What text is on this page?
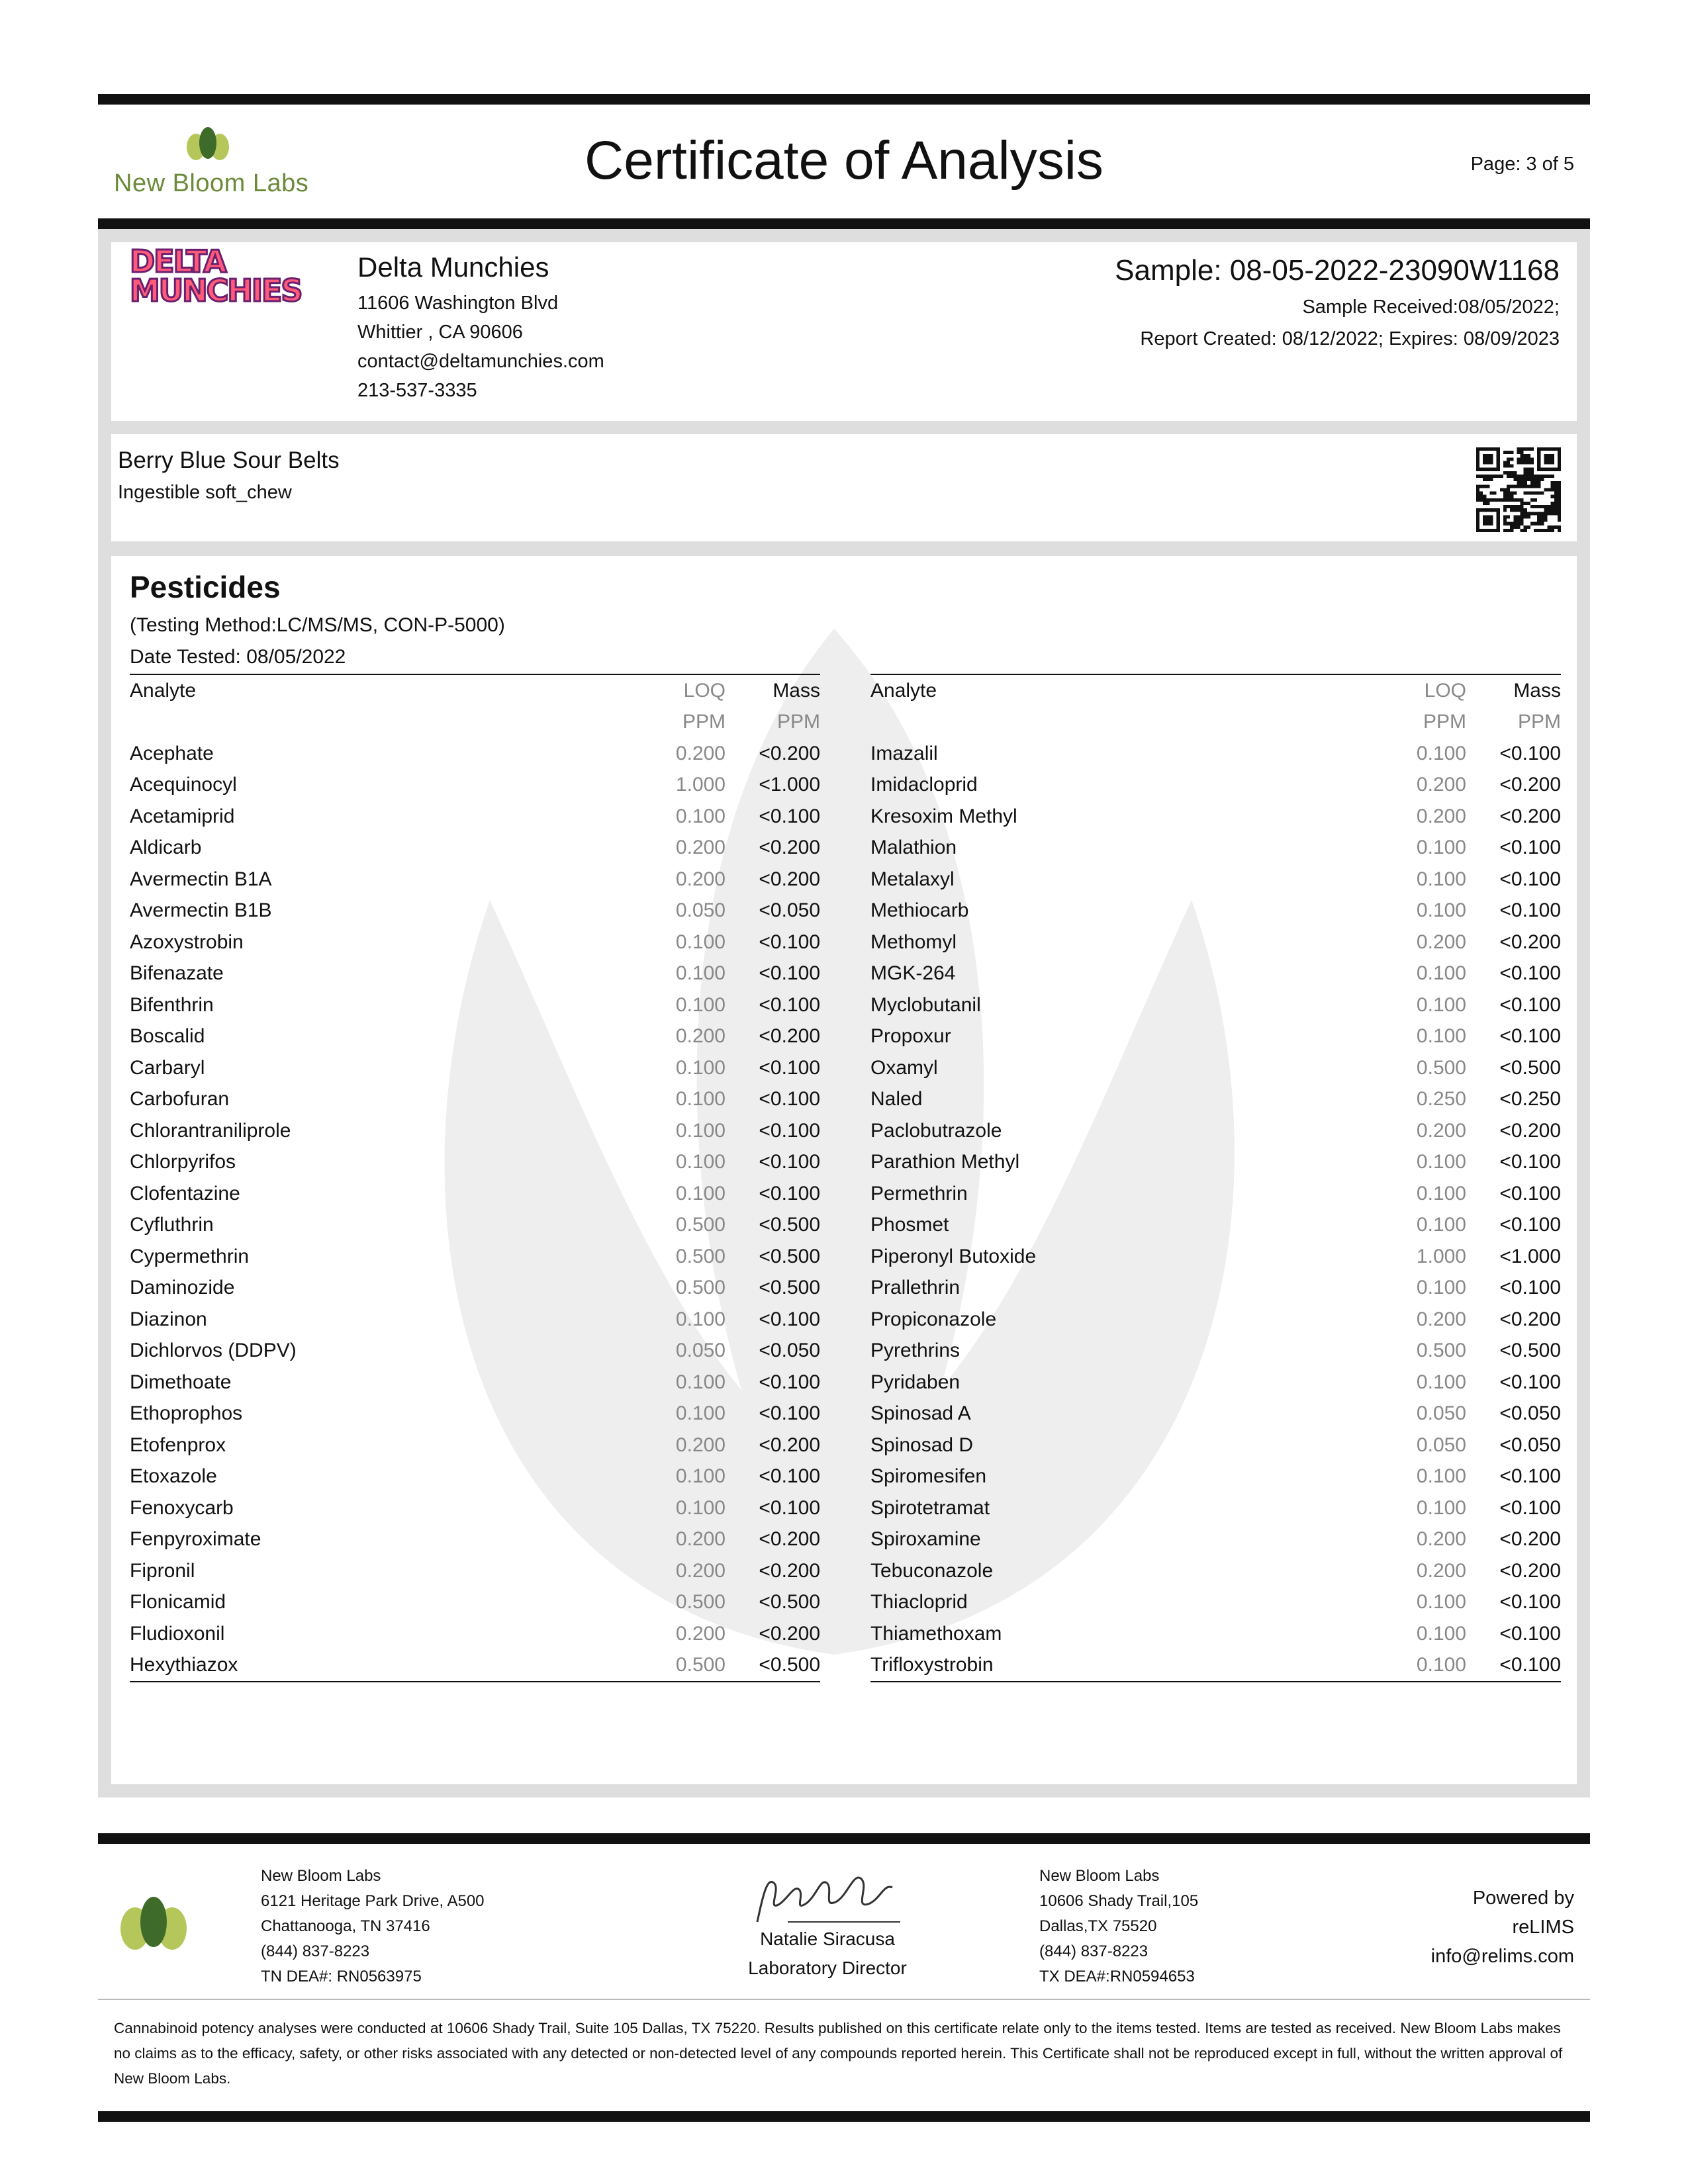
New Bloom Labs	Certificate of Analysis	Page: 3 of 5
DELTA
MUNCHIES
Delta Munchies
11606 Washington Blvd
Whittier , CA 90606
contact@deltamunchies.com
213-537-3335
Sample: 08-05-2022-23090W1168
Sample Received:08/05/2022;
Report Created: 08/12/2022; Expires: 08/09/2023
Berry Blue Sour Belts
Ingestible soft_chew
Pesticides
(Testing Method:LC/MS/MS, CON-P-5000)
Date Tested: 08/05/2022
Analyte	LOQ	Mass
	PPM	PPM
Acephate	0.200	<0.200
Acequinocyl	1.000	<1.000
Acetamiprid	0.100	<0.100
Aldicarb	0.200	<0.200
Avermectin B1A	0.200	<0.200
Avermectin B1B	0.050	<0.050
Azoxystrobin	0.100	<0.100
Bifenazate	0.100	<0.100
Bifenthrin	0.100	<0.100
Boscalid	0.200	<0.200
Carbaryl	0.100	<0.100
Carbofuran	0.100	<0.100
Chlorantraniliprole	0.100	<0.100
Chlorpyrifos	0.100	<0.100
Clofentazine	0.100	<0.100
Cyfluthrin	0.500	<0.500
Cypermethrin	0.500	<0.500
Daminozide	0.500	<0.500
Diazinon	0.100	<0.100
Dichlorvos (DDPV)	0.050	<0.050
Dimethoate	0.100	<0.100
Ethoprophos	0.100	<0.100
Etofenprox	0.200	<0.200
Etoxazole	0.100	<0.100
Fenoxycarb	0.100	<0.100
Fenpyroximate	0.200	<0.200
Fipronil	0.200	<0.200
Flonicamid	0.500	<0.500
Fludioxonil	0.200	<0.200
Hexythiazox	0.500	<0.500
Analyte	LOQ	Mass
	PPM	PPM
Imazalil	0.100	<0.100
Imidacloprid	0.200	<0.200
Kresoxim Methyl	0.200	<0.200
Malathion	0.100	<0.100
Metalaxyl	0.100	<0.100
Methiocarb	0.100	<0.100
Methomyl	0.200	<0.200
MGK-264	0.100	<0.100
Myclobutanil	0.100	<0.100
Propoxur	0.100	<0.100
Oxamyl	0.500	<0.500
Naled	0.250	<0.250
Paclobutrazole	0.200	<0.200
Parathion Methyl	0.100	<0.100
Permethrin	0.100	<0.100
Phosmet	0.100	<0.100
Piperonyl Butoxide	1.000	<1.000
Prallethrin	0.100	<0.100
Propiconazole	0.200	<0.200
Pyrethrins	0.500	<0.500
Pyridaben	0.100	<0.100
Spinosad A	0.050	<0.050
Spinosad D	0.050	<0.050
Spiromesifen	0.100	<0.100
Spirotetramat	0.100	<0.100
Spiroxamine	0.200	<0.200
Tebuconazole	0.200	<0.200
Thiacloprid	0.100	<0.100
Thiamethoxam	0.100	<0.100
Trifloxystrobin	0.100	<0.100
New Bloom Labs
6121 Heritage Park Drive, A500
Chattanooga, TN 37416
(844) 837-8223
TN DEA#: RN0563975
Natalie Siracusa
Laboratory Director
New Bloom Labs
10606 Shady Trail,105
Dallas,TX 75520
(844) 837-8223
TX DEA#:RN0594653
Powered by
reLIMS
info@relims.com
Cannabinoid potency analyses were conducted at 10606 Shady Trail, Suite 105 Dallas, TX 75220. Results published on this certificate relate only to the items tested. Items are tested as received. New Bloom Labs makes no claims as to the efficacy, safety, or other risks associated with any detected or non-detected level of any compounds reported herein. This Certificate shall not be reproduced except in full, without the written approval of New Bloom Labs.
